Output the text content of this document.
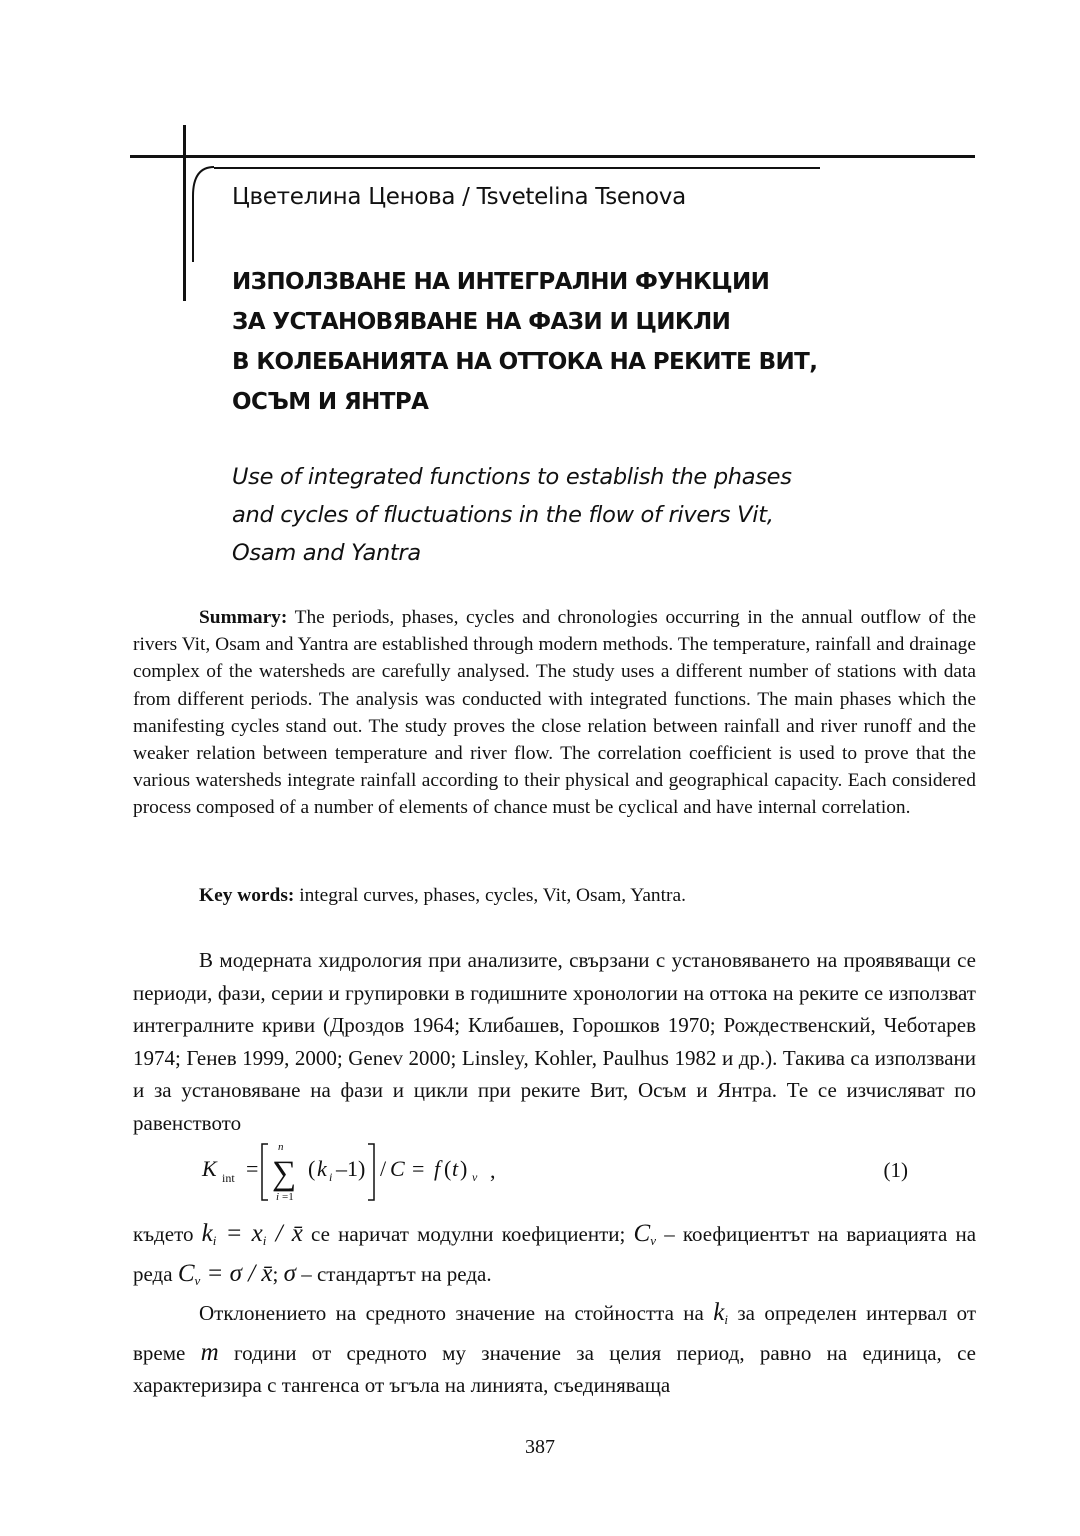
Цветелина Ценова / Tsvetelina Tsenova
ИЗПОЛЗВАНЕ НА ИНТЕГРАЛНИ ФУНКЦИИ
ЗА УСТАНОВЯВАНЕ НА ФАЗИ И ЦИКЛИ
В КОЛЕБАНИЯТА НА ОТТОКА НА РЕКИТЕ ВИТ,
ОСЪМ И ЯНТРА
Use of integrated functions to establish the phases
and cycles of fluctuations in the flow of rivers Vit,
Osam and Yantra

Summary: The periods, phases, cycles and chronologies occurring in the annual outflow of the rivers Vit, Osam and Yantra are established through modern methods. The temperature, rainfall and drainage complex of the watersheds are carefully analysed. The study uses a different number of stations with data from different periods. The analysis was conducted with integrated functions. The main phases which the manifesting cycles stand out. The study proves the close relation between rainfall and river runoff and the weaker relation between temperature and river flow. The correlation coefficient is used to prove that the various watersheds integrate rainfall according to their physical and geographical capacity. Each considered process composed of a number of elements of chance must be cyclical and have internal correlation.

Key words: integral curves, phases, cycles, Vit, Osam, Yantra.

В модерната хидрология при анализите, свързани с установяването на проявяващи се периоди, фази, серии и групировки в годишните хронологии на оттока на реките се използват интегралните криви (Дроздов 1964; Клибашев, Горошков 1970; Рождественский, Чеботарев 1974; Генев 1999, 2000; Genev 2000; Linsley, Kohler, Paulhus 1982 и др.). Такива са използвани и за установяване на фази и цикли при реките Вит, Осъм и Янтра. Те се изчисляват по равенството

K int =
n
∑
i =1
( k i –1) / C = f ( t ) v ,	(1)

където $k_i = x_i$ / x̄ се наричат модулни коефициенти; $C_v$ – коефициентът на вариацията на реда $C_v = \sigma$ / x̄; σ – стандартът на реда.

Отклонението на средното значение на стойността на $k_i$ за определен интервал от време m години от средното му значение за целия период, равно на единица, се характеризира с тангенса от ъгъла на линията, съединяваща

387
